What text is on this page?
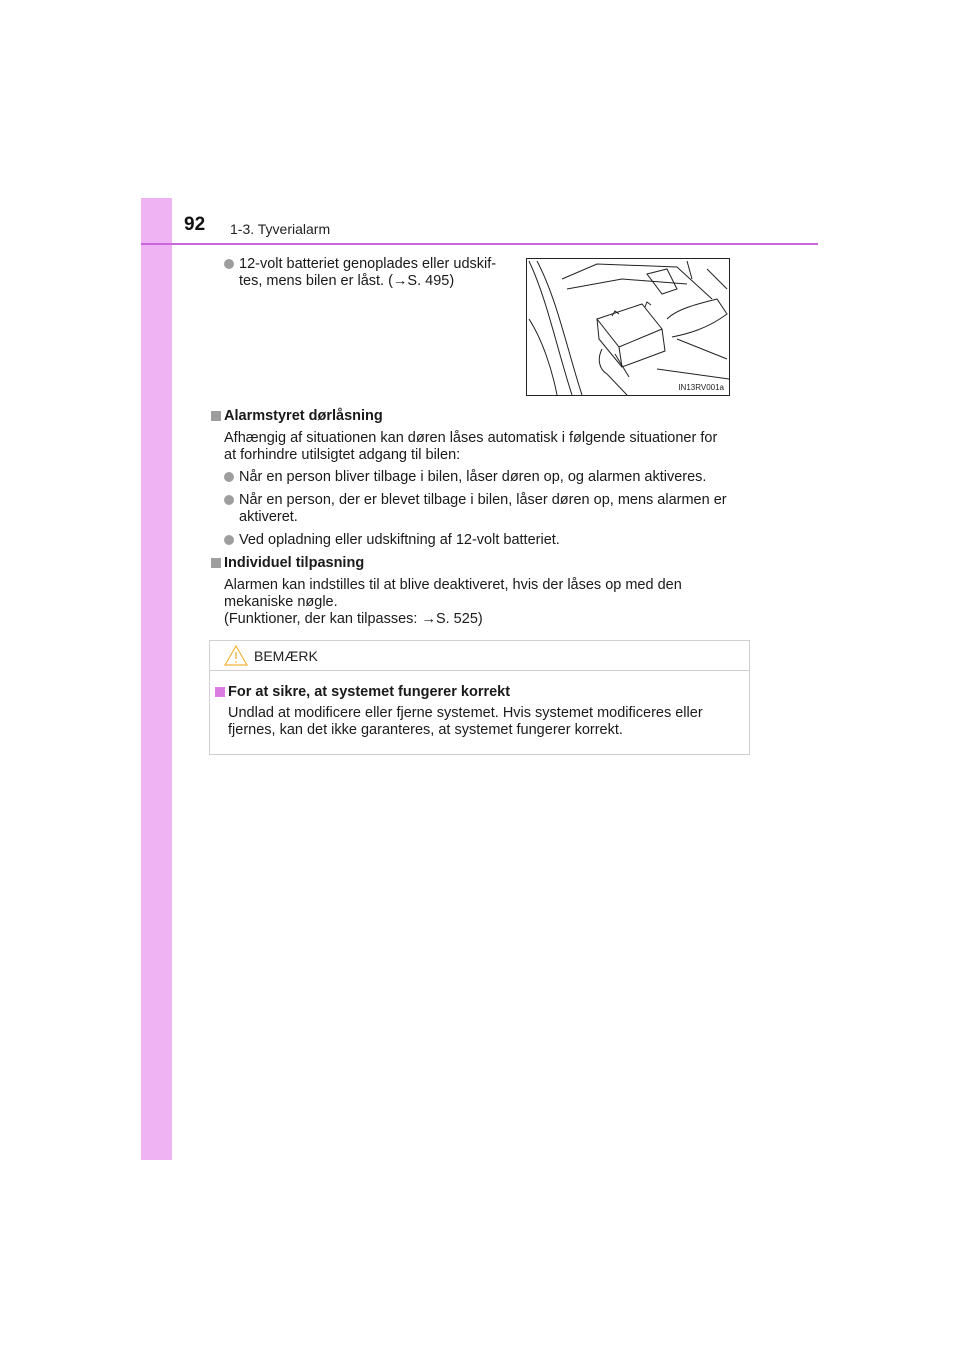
92 1-3. Tyverialarm
12-volt batteriet genoplades eller udskif-
tes, mens bilen er låst. (→S. 495)
IN13RV001a
Alarmstyret dørlåsning
Afhængig af situationen kan døren låses automatisk i følgende situationer for
at forhindre utilsigtet adgang til bilen:
Når en person bliver tilbage i bilen, låser døren op, og alarmen aktiveres.
Når en person, der er blevet tilbage i bilen, låser døren op, mens alarmen er
aktiveret.
Ved opladning eller udskiftning af 12-volt batteriet.
Individuel tilpasning
Alarmen kan indstilles til at blive deaktiveret, hvis der låses op med den
mekaniske nøgle.
(Funktioner, der kan tilpasses: →S. 525)
BEMÆRK
For at sikre, at systemet fungerer korrekt
Undlad at modificere eller fjerne systemet. Hvis systemet modificeres eller
fjernes, kan det ikke garanteres, at systemet fungerer korrekt.
